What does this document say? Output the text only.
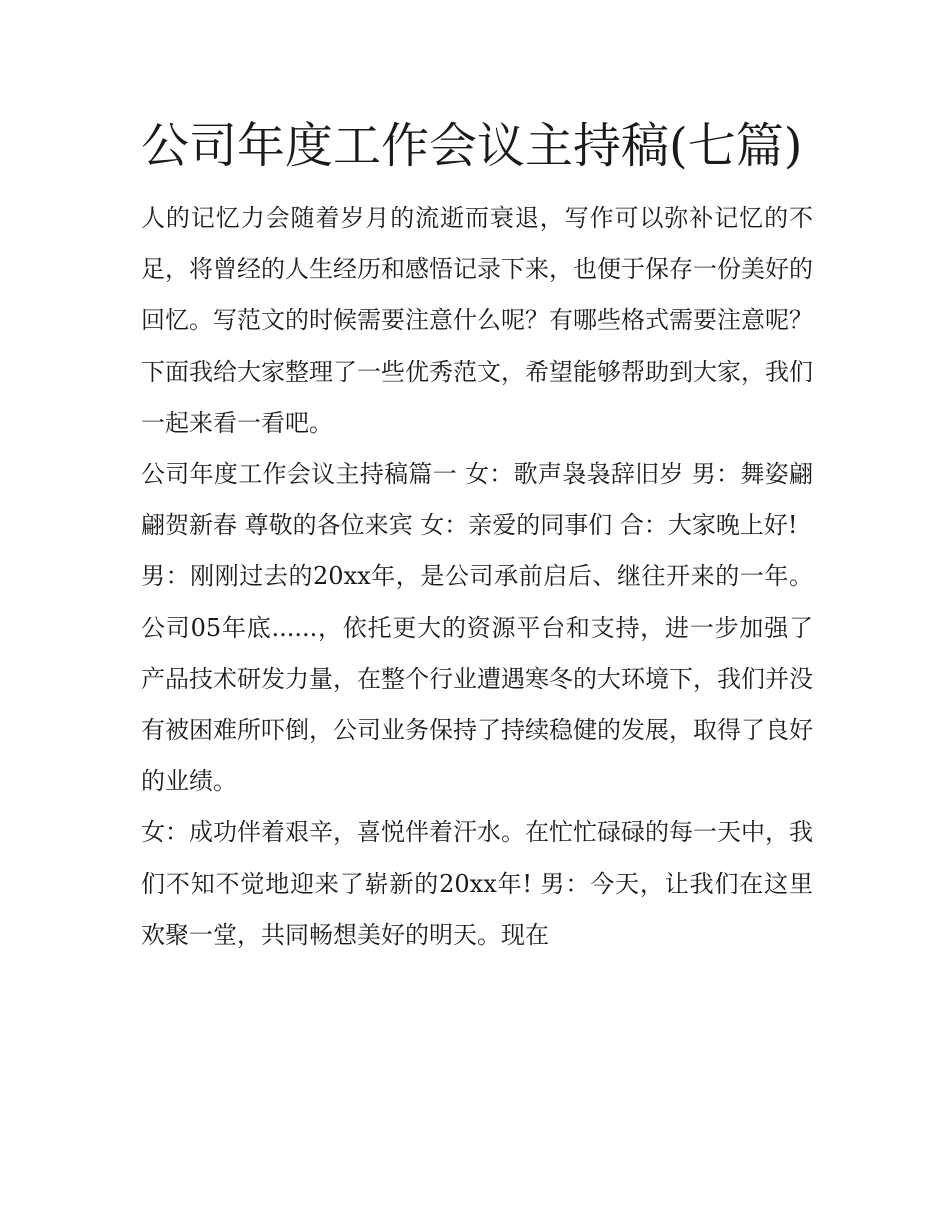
公司年度工作会议主持稿(七篇)

人的记忆力会随着岁月的流逝而衰退，写作可以弥补记忆的不足，将曾经的人生经历和感悟记录下来，也便于保存一份美好的回忆。写范文的时候需要注意什么呢？有哪些格式需要注意呢？下面我给大家整理了一些优秀范文，希望能够帮助到大家，我们一起来看一看吧。

公司年度工作会议主持稿篇一 女：歌声袅袅辞旧岁 男：舞姿翩翩贺新春 尊敬的各位来宾 女：亲爱的同事们 合：大家晚上好!

男：刚刚过去的20xx年，是公司承前启后、继往开来的一年。公司05年底......，依托更大的资源平台和支持，进一步加强了产品技术研发力量，在整个行业遭遇寒冬的大环境下，我们并没有被困难所吓倒，公司业务保持了持续稳健的发展，取得了良好的业绩。

女：成功伴着艰辛，喜悦伴着汗水。在忙忙碌碌的每一天中，我们不知不觉地迎来了崭新的20xx年! 男：今天，让我们在这里欢聚一堂，共同畅想美好的明天。现在
